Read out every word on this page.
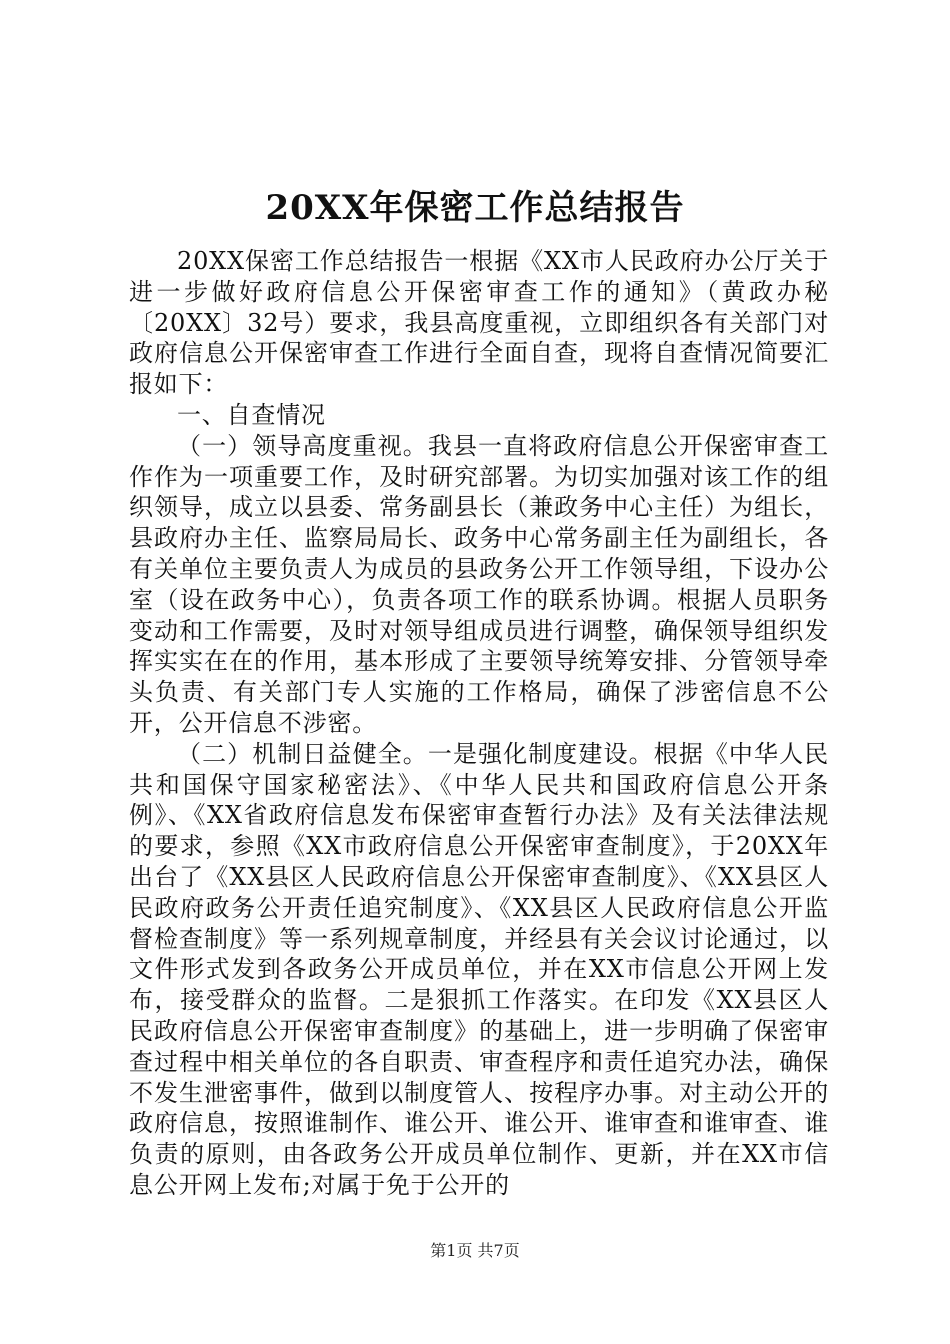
20XX年保密工作总结报告

20XX保密工作总结报告一根据《XX市人民政府办公厅关于进一步做好政府信息公开保密审查工作的通知》（黄政办秘〔20XX〕32号）要求，我县高度重视，立即组织各有关部门对政府信息公开保密审查工作进行全面自查，现将自查情况简要汇报如下：

一、自查情况

（一）领导高度重视。我县一直将政府信息公开保密审查工作作为一项重要工作，及时研究部署。为切实加强对该工作的组织领导，成立以县委、常务副县长（兼政务中心主任）为组长，县政府办主任、监察局局长、政务中心常务副主任为副组长，各有关单位主要负责人为成员的县政务公开工作领导组，下设办公室（设在政务中心），负责各项工作的联系协调。根据人员职务变动和工作需要，及时对领导组成员进行调整，确保领导组织发挥实实在在的作用，基本形成了主要领导统筹安排、分管领导牵头负责、有关部门专人实施的工作格局，确保了涉密信息不公开，公开信息不涉密。

（二）机制日益健全。一是强化制度建设。根据《中华人民共和国保守国家秘密法》、《中华人民共和国政府信息公开条例》、《XX省政府信息发布保密审查暂行办法》及有关法律法规的要求，参照《XX市政府信息公开保密审查制度》，于20XX年出台了《XX县区人民政府信息公开保密审查制度》、《XX县区人民政府政务公开责任追究制度》、《XX县区人民政府信息公开监督检查制度》等一系列规章制度，并经县有关会议讨论通过，以文件形式发到各政务公开成员单位，并在XX市信息公开网上发布，接受群众的监督。二是狠抓工作落实。在印发《XX县区人民政府信息公开保密审查制度》的基础上，进一步明确了保密审查过程中相关单位的各自职责、审查程序和责任追究办法，确保不发生泄密事件，做到以制度管人、按程序办事。对主动公开的政府信息，按照谁制作、谁公开、谁公开、谁审查和谁审查、谁负责的原则，由各政务公开成员单位制作、更新，并在XX市信息公开网上发布;对属于免于公开的

第1页 共7页
